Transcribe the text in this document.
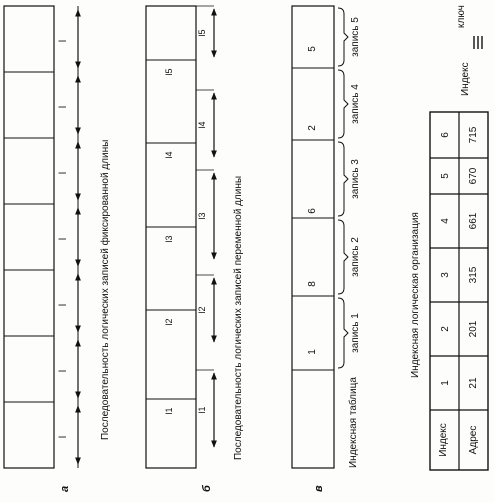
l
l
l
l
l
l
l	Последовательность логических записей фиксированной длины
а
l1	l1
l2
l2
l3
l3
l4
l4
l5
l5
Последовательность логических записей переменной длины
б
1
8
6
2
5
запись 1
запись 2
запись 3
запись 4
запись 5
Индексная таблица
в
Индексная логическая организация
Индекс Адрес
1 21
2 201
3 315
4 661
5 670
6 715
Индекс
ключ
